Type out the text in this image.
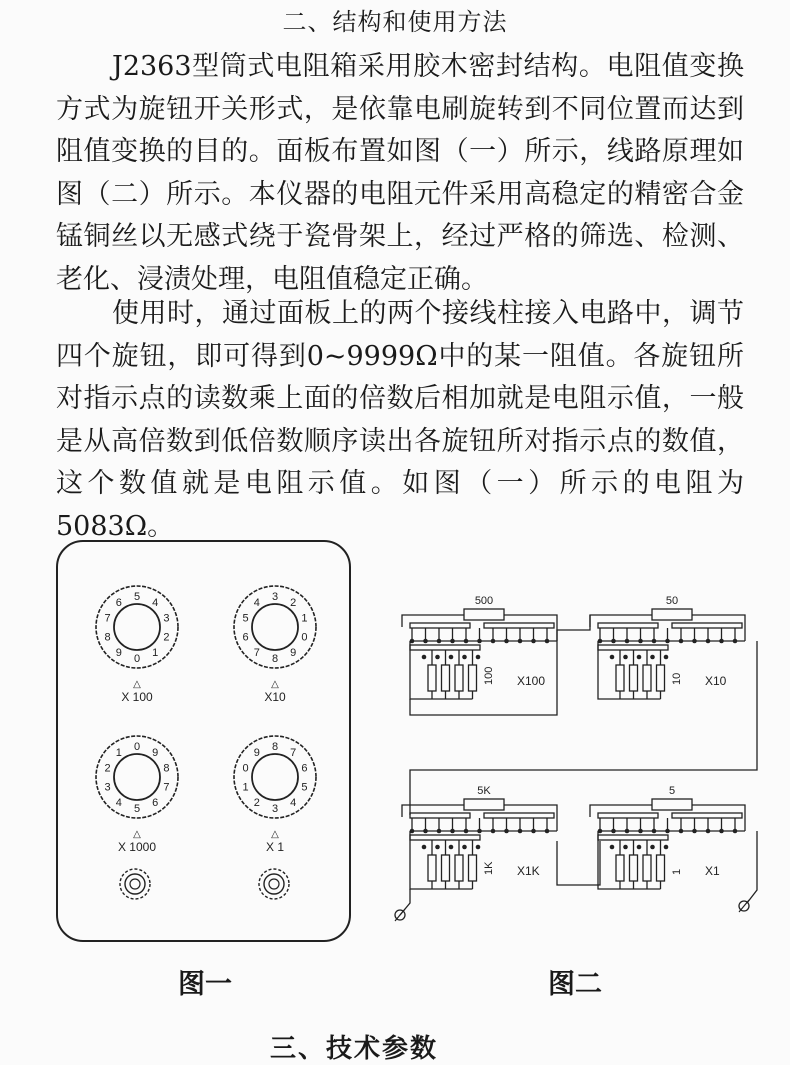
二、结构和使用方法

J2363型筒式电阻箱采用胶木密封结构。电阻值变换方式为旋钮开关形式，是依靠电刷旋转到不同位置而达到阻值变换的目的。面板布置如图（一）所示，线路原理如图（二）所示。本仪器的电阻元件采用高稳定的精密合金锰铜丝以无感式绕于瓷骨架上，经过严格的筛选、检测、老化、浸渍处理，电阻值稳定正确。

使用时，通过面板上的两个接线柱接入电路中，调节四个旋钮，即可得到0~9999Ω中的某一阻值。各旋钮所对指示点的读数乘上面的倍数后相加就是电阻示值，一般是从高倍数到低倍数顺序读出各旋钮所对指示点的数值，这个数值就是电阻示值。如图（一）所示的电阻为5083Ω。

0 1
2
3
4
5
6
7
8
9
△
X 100
0
1
2
3
4
5
6
7 8 9
△
X10
0
1
2
3
4 5 6
7
8
9
△
X 1000
0
1
2 3 4
5
6
7
8
9
△
X 1
图一
500
100 X100
50
10 X10
5K
1K X1K
5
1 X1
图二
三、技术参数
